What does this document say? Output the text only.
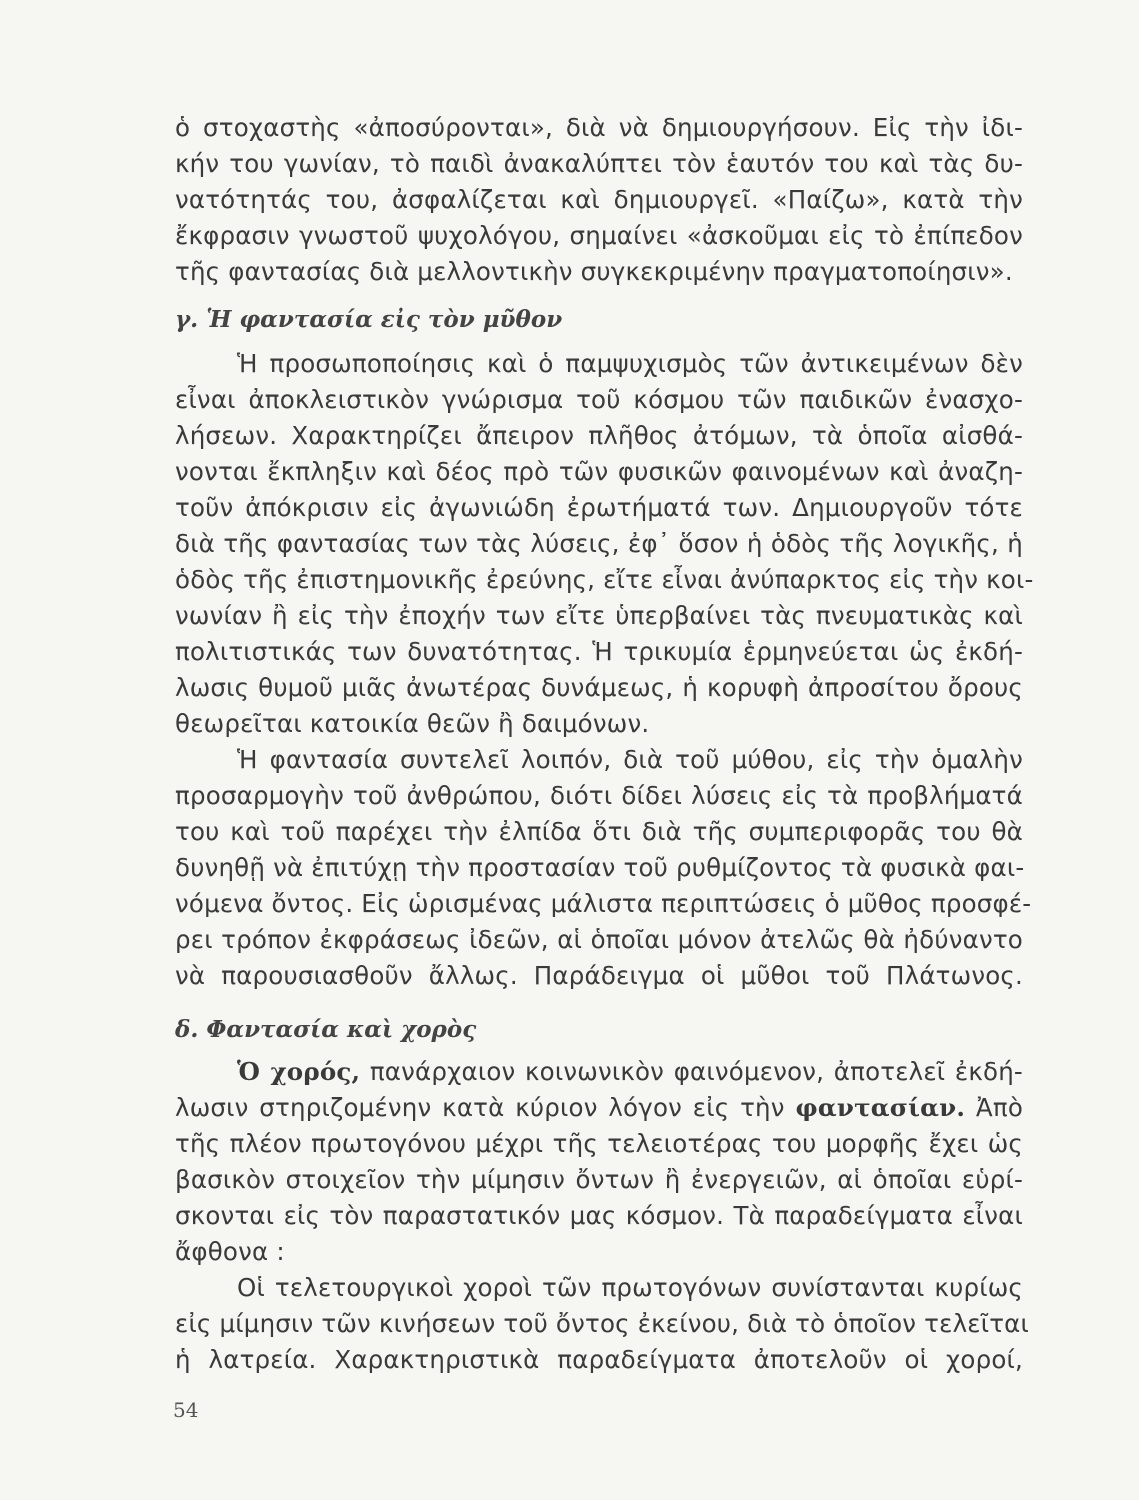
ὁ στοχαστὴς «ἀποσύρονται», διὰ νὰ δημιουργήσουν. Εἰς τὴν ἰδι-
κήν του γωνίαν, τὸ παιδὶ ἀνακαλύπτει τὸν ἑαυτόν του καὶ τὰς δυ-
νατότητάς του, ἀσφαλίζεται καὶ δημιουργεῖ. «Παίζω», κατὰ τὴν
ἔκφρασιν γνωστοῦ ψυχολόγου, σημαίνει «ἀσκοῦμαι εἰς τὸ ἐπίπεδον
τῆς φαντασίας διὰ μελλοντικὴν συγκεκριμένην πραγματοποίησιν».
γ. Ἡ φαντασία εἰς τὸν μῦθον
Ἡ προσωποποίησις καὶ ὁ παμψυχισμὸς τῶν ἀντικειμένων δὲν
εἶναι ἀποκλειστικὸν γνώρισμα τοῦ κόσμου τῶν παιδικῶν ἐνασχο-
λήσεων. Χαρακτηρίζει ἄπειρον πλῆθος ἀτόμων, τὰ ὁποῖα αἰσθά-
νονται ἔκπληξιν καὶ δέος πρὸ τῶν φυσικῶν φαινομένων καὶ ἀναζη-
τοῦν ἀπόκρισιν εἰς ἀγωνιώδη ἐρωτήματά των. Δημιουργοῦν τότε
διὰ τῆς φαντασίας των τὰς λύσεις, ἐφ᾽ ὅσον ἡ ὁδὸς τῆς λογικῆς, ἡ
ὁδὸς τῆς ἐπιστημονικῆς ἐρεύνης, εἴτε εἶναι ἀνύπαρκτος εἰς τὴν κοι-
νωνίαν ἢ εἰς τὴν ἐποχήν των εἴτε ὑπερβαίνει τὰς πνευματικὰς καὶ
πολιτιστικάς των δυνατότητας. Ἡ τρικυμία ἑρμηνεύεται ὡς ἐκδή-
λωσις θυμοῦ μιᾶς ἀνωτέρας δυνάμεως, ἡ κορυφὴ ἀπροσίτου ὄρους
θεωρεῖται κατοικία θεῶν ἢ δαιμόνων.
Ἡ φαντασία συντελεῖ λοιπόν, διὰ τοῦ μύθου, εἰς τὴν ὁμαλὴν
προσαρμογὴν τοῦ ἀνθρώπου, διότι δίδει λύσεις εἰς τὰ προβλήματά
του καὶ τοῦ παρέχει τὴν ἐλπίδα ὅτι διὰ τῆς συμπεριφορᾶς του θὰ
δυνηθῇ νὰ ἐπιτύχῃ τὴν προστασίαν τοῦ ρυθμίζοντος τὰ φυσικὰ φαι-
νόμενα ὄντος. Εἰς ὡρισμένας μάλιστα περιπτώσεις ὁ μῦθος προσφέ-
ρει τρόπον ἐκφράσεως ἰδεῶν, αἱ ὁποῖαι μόνον ἀτελῶς θὰ ἠδύναντο
νὰ παρουσιασθοῦν ἄλλως. Παράδειγμα οἱ μῦθοι τοῦ Πλάτωνος.
δ. Φαντασία καὶ χορὸς
Ὁ χορός, πανάρχαιον κοινωνικὸν φαινόμενον, ἀποτελεῖ ἐκδή-
λωσιν στηριζομένην κατὰ κύριον λόγον εἰς τὴν φαντασίαν. Ἀπὸ
τῆς πλέον πρωτογόνου μέχρι τῆς τελειοτέρας του μορφῆς ἔχει ὡς
βασικὸν στοιχεῖον τὴν μίμησιν ὄντων ἢ ἐνεργειῶν, αἱ ὁποῖαι εὑρί-
σκονται εἰς τὸν παραστατικόν μας κόσμον. Τὰ παραδείγματα εἶναι
ἄφθονα :
Οἱ τελετουργικοὶ χοροὶ τῶν πρωτογόνων συνίστανται κυρίως
εἰς μίμησιν τῶν κινήσεων τοῦ ὄντος ἐκείνου, διὰ τὸ ὁποῖον τελεῖται
ἡ λατρεία. Χαρακτηριστικὰ παραδείγματα ἀποτελοῦν οἱ χοροί,
54
